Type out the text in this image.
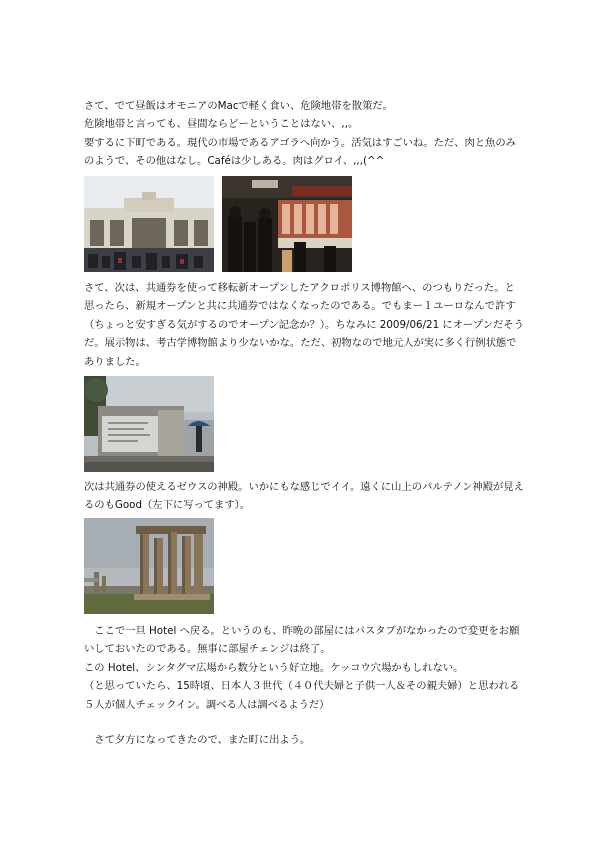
さて、でて昼飯はオモニアのMacで軽く食い、危険地帯を散策だ。
危険地帯と言っても、昼間ならどーということはない、,,。
要するに下町である。現代の市場であるアゴラへ向かう。活気はすごいね。ただ、肉と魚のみのようで、その他はなし。Caféは少しある。肉はグロイ、,,,(^^

さて、次は、共通券を使って移転新オープンしたアクロポリス博物館へ、のつもりだった。と思ったら、新規オープンと共に共通券ではなくなったのである。でもまー１ユーロなんで許す（ちょっと安すぎる気がするのでオープン記念か？）。ちなみに 2009/06/21 にオープンだそうだ。展示物は、考古学博物館より少ないかな。ただ、初物なので地元人が実に多く行例状態でありました。

次は共通券の使えるゼウスの神殿。いかにもな感じでイイ。遠くに山上のパルテノン神殿が見えるのもGood（左下に写ってます）。

　ここで一旦 Hotel へ戻る。というのも、昨晩の部屋にはバスタブがなかったので変更をお願いしておいたのである。無事に部屋チェンジは終了。
この Hotel、シンタグマ広場から数分という好立地。ケッコウ穴場かもしれない。
（と思っていたら、15時頃、日本人３世代（４０代夫婦と子供一人＆その親夫婦）と思われる５人が個人チェックイン。調べる人は調べるようだ）

　さて夕方になってきたので、また町に出よう。
